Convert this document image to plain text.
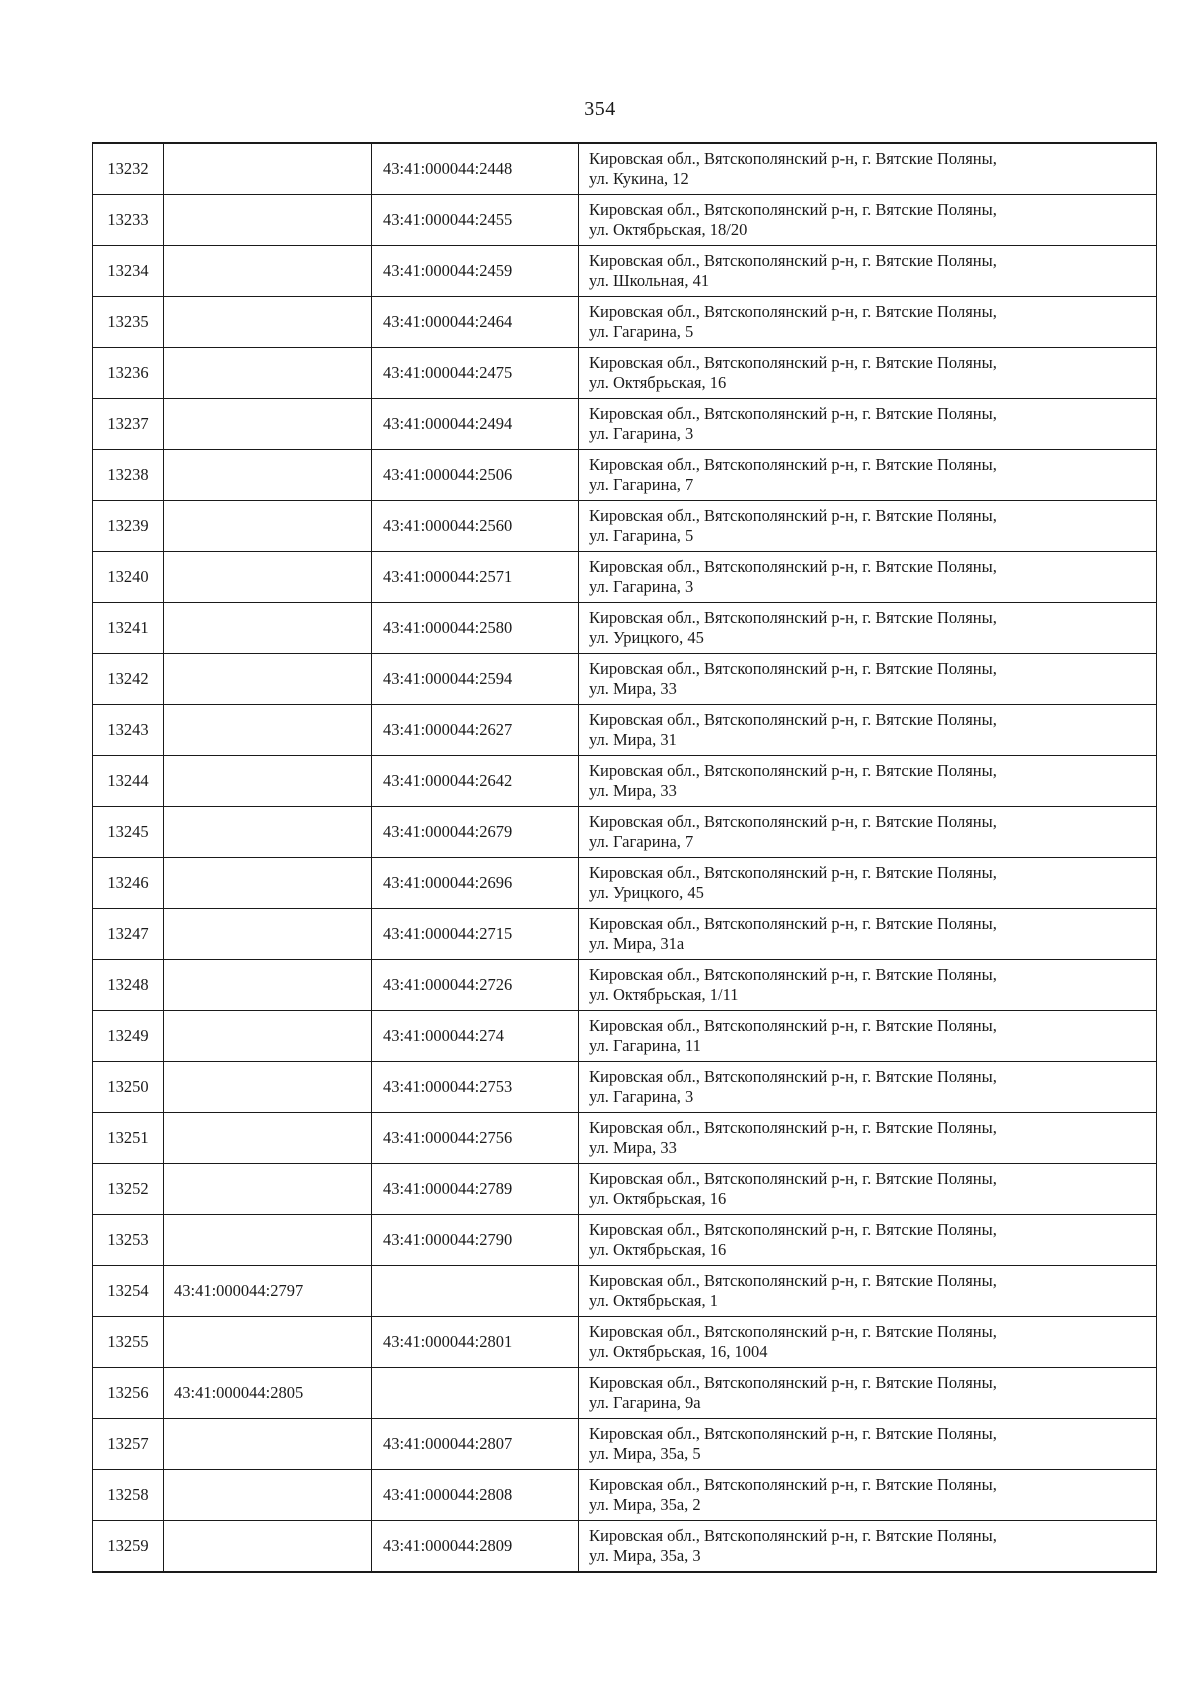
354
13232		43:41:000044:2448	Кировская обл., Вятскополянский р-н, г. Вятские Поляны,
ул. Кукина, 12

13233		43:41:000044:2455	Кировская обл., Вятскополянский р-н, г. Вятские Поляны,
ул. Октябрьская, 18/20

13234		43:41:000044:2459	Кировская обл., Вятскополянский р-н, г. Вятские Поляны,
ул. Школьная, 41

13235		43:41:000044:2464	Кировская обл., Вятскополянский р-н, г. Вятские Поляны,
ул. Гагарина, 5

13236		43:41:000044:2475	Кировская обл., Вятскополянский р-н, г. Вятские Поляны,
ул. Октябрьская, 16

13237		43:41:000044:2494	Кировская обл., Вятскополянский р-н, г. Вятские Поляны,
ул. Гагарина, 3

13238		43:41:000044:2506	Кировская обл., Вятскополянский р-н, г. Вятские Поляны,
ул. Гагарина, 7

13239		43:41:000044:2560	Кировская обл., Вятскополянский р-н, г. Вятские Поляны,
ул. Гагарина, 5

13240		43:41:000044:2571	Кировская обл., Вятскополянский р-н, г. Вятские Поляны,
ул. Гагарина, 3

13241		43:41:000044:2580	Кировская обл., Вятскополянский р-н, г. Вятские Поляны,
ул. Урицкого, 45

13242		43:41:000044:2594	Кировская обл., Вятскополянский р-н, г. Вятские Поляны,
ул. Мира, 33

13243		43:41:000044:2627	Кировская обл., Вятскополянский р-н, г. Вятские Поляны,
ул. Мира, 31

13244		43:41:000044:2642	Кировская обл., Вятскополянский р-н, г. Вятские Поляны,
ул. Мира, 33

13245		43:41:000044:2679	Кировская обл., Вятскополянский р-н, г. Вятские Поляны,
ул. Гагарина, 7

13246		43:41:000044:2696	Кировская обл., Вятскополянский р-н, г. Вятские Поляны,
ул. Урицкого, 45

13247		43:41:000044:2715	Кировская обл., Вятскополянский р-н, г. Вятские Поляны,
ул. Мира, 31а

13248		43:41:000044:2726	Кировская обл., Вятскополянский р-н, г. Вятские Поляны,
ул. Октябрьская, 1/11

13249		43:41:000044:274	Кировская обл., Вятскополянский р-н, г. Вятские Поляны,
ул. Гагарина, 11

13250		43:41:000044:2753	Кировская обл., Вятскополянский р-н, г. Вятские Поляны,
ул. Гагарина, 3

13251		43:41:000044:2756	Кировская обл., Вятскополянский р-н, г. Вятские Поляны,
ул. Мира, 33

13252		43:41:000044:2789	Кировская обл., Вятскополянский р-н, г. Вятские Поляны,
ул. Октябрьская, 16

13253		43:41:000044:2790	Кировская обл., Вятскополянский р-н, г. Вятские Поляны,
ул. Октябрьская, 16

13254	43:41:000044:2797		Кировская обл., Вятскополянский р-н, г. Вятские Поляны,
ул. Октябрьская, 1

13255		43:41:000044:2801	Кировская обл., Вятскополянский р-н, г. Вятские Поляны,
ул. Октябрьская, 16, 1004

13256	43:41:000044:2805		Кировская обл., Вятскополянский р-н, г. Вятские Поляны,
ул. Гагарина, 9а

13257		43:41:000044:2807	Кировская обл., Вятскополянский р-н, г. Вятские Поляны,
ул. Мира, 35а, 5

13258		43:41:000044:2808	Кировская обл., Вятскополянский р-н, г. Вятские Поляны,
ул. Мира, 35а, 2

13259		43:41:000044:2809	Кировская обл., Вятскополянский р-н, г. Вятские Поляны,
ул. Мира, 35а, 3
